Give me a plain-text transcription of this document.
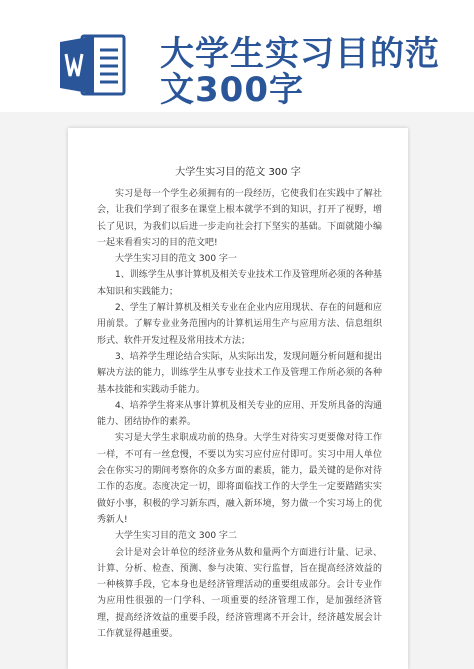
大学生实习目的范
文300字
大学生实习目的范文 300 字

实习是每一个学生必须拥有的一段经历，它使我们在实践中了解社会，让我们学到了很多在课堂上根本就学不到的知识，打开了视野，增长了见识，为我们以后进一步走向社会打下坚实的基础。下面就随小编一起来看看实习的目的范文吧!

大学生实习目的范文 300 字一

1、训练学生从事计算机及相关专业技术工作及管理所必须的各种基本知识和实践能力；

2、学生了解计算机及相关专业在企业内应用现状、存在的问题和应用前景。了解专业业务范围内的计算机运用生产与应用方法、信息组织形式、软件开发过程及常用技术方法；

3、培养学生理论结合实际，从实际出发，发现问题分析问题和提出解决方法的能力，训练学生从事专业技术工作及管理工作所必须的各种基本技能和实践动手能力。

4、培养学生将来从事计算机及相关专业的应用、开发所具备的沟通能力、团结协作的素养。

实习是大学生求职成功前的热身。大学生对待实习更要像对待工作一样，不可有一丝怠慢，不要以为实习应付应付即可。实习中用人单位会在你实习的期间考察你的众多方面的素质，能力，最关键的是你对待工作的态度。态度决定一切，即将面临找工作的大学生一定要踏踏实实做好小事，积极的学习新东西，融入新环境，努力做一个实习场上的优秀新人!

大学生实习目的范文 300 字二

会计是对会计单位的经济业务从数和量两个方面进行计量、记录、计算、分析、检查、预测、参与决策、实行监督，旨在提高经济效益的一种核算手段，它本身也是经济管理活动的重要组成部分。会计专业作为应用性很强的一门学科、一项重要的经济管理工作，是加强经济管理，提高经济效益的重要手段，经济管理离不开会计，经济越发展会计工作就显得越重要。
